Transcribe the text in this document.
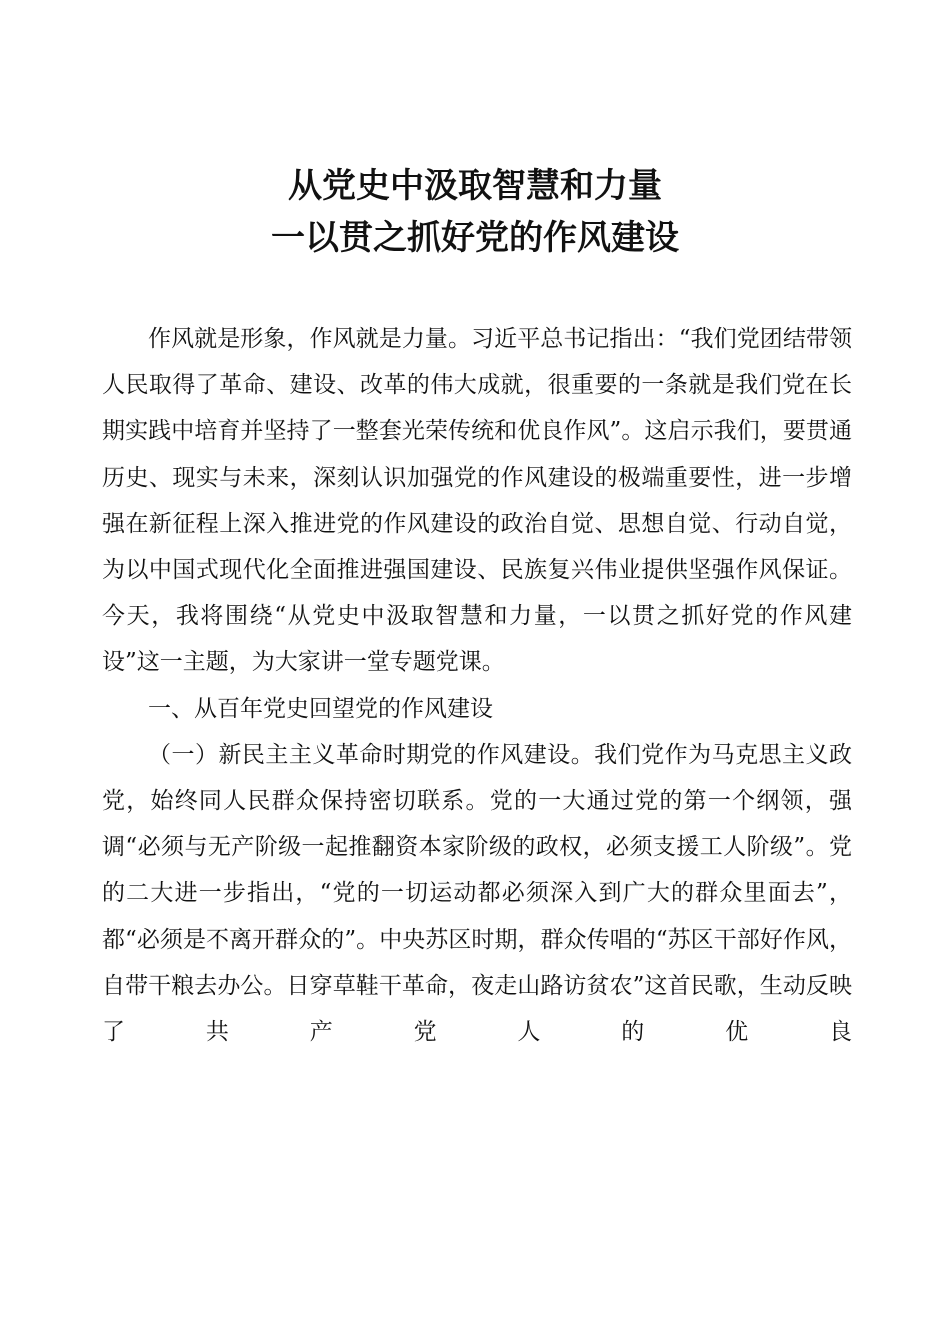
从党史中汲取智慧和力量
一以贯之抓好党的作风建设

作风就是形象，作风就是力量。习近平总书记指出：“我们党团结带领人民取得了革命、建设、改革的伟大成就，很重要的一条就是我们党在长期实践中培育并坚持了一整套光荣传统和优良作风”。这启示我们，要贯通历史、现实与未来，深刻认识加强党的作风建设的极端重要性，进一步增强在新征程上深入推进党的作风建设的政治自觉、思想自觉、行动自觉，为以中国式现代化全面推进强国建设、民族复兴伟业提供坚强作风保证。今天，我将围绕“从党史中汲取智慧和力量，一以贯之抓好党的作风建设”这一主题，为大家讲一堂专题党课。

一、从百年党史回望党的作风建设

（一）新民主主义革命时期党的作风建设。我们党作为马克思主义政党，始终同人民群众保持密切联系。党的一大通过党的第一个纲领，强调“必须与无产阶级一起推翻资本家阶级的政权，必须支援工人阶级”。党的二大进一步指出，“党的一切运动都必须深入到广大的群众里面去”，都“必须是不离开群众的”。中央苏区时期，群众传唱的“苏区干部好作风，自带干粮去办公。日穿草鞋干革命，夜走山路访贫农”这首民歌，生动反映了共产党人的优良
